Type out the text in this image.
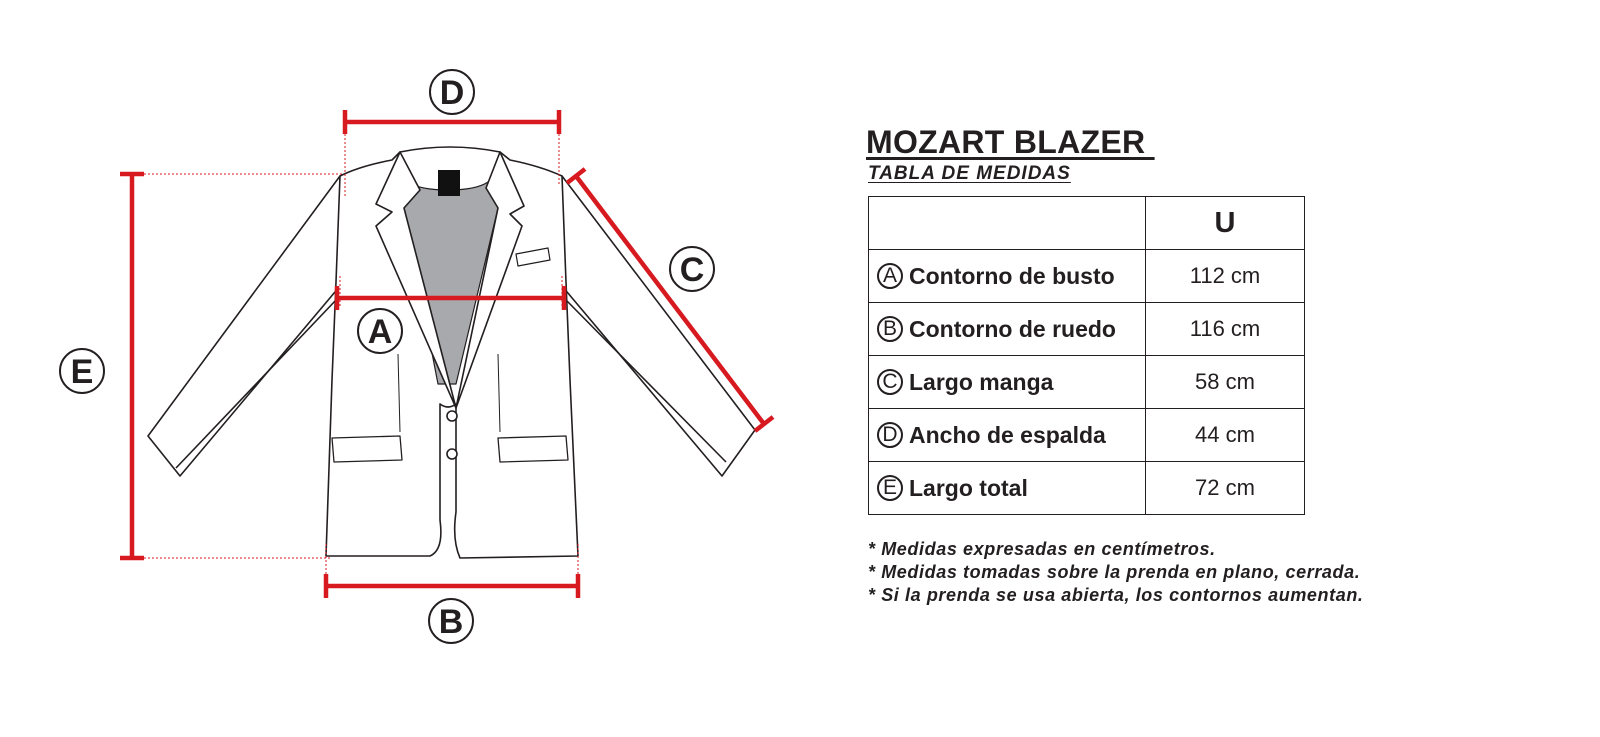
D
A
B
C
E
MOZART BLAZER
TABLA DE MEDIDAS
	U

A Contorno de busto	112 cm

B Contorno de ruedo	116 cm

C Largo manga	58 cm

D Ancho de espalda	44 cm

E Largo total	72 cm
* Medidas expresadas en centímetros.
* Medidas tomadas sobre la prenda en plano, cerrada.
* Si la prenda se usa abierta, los contornos aumentan.
